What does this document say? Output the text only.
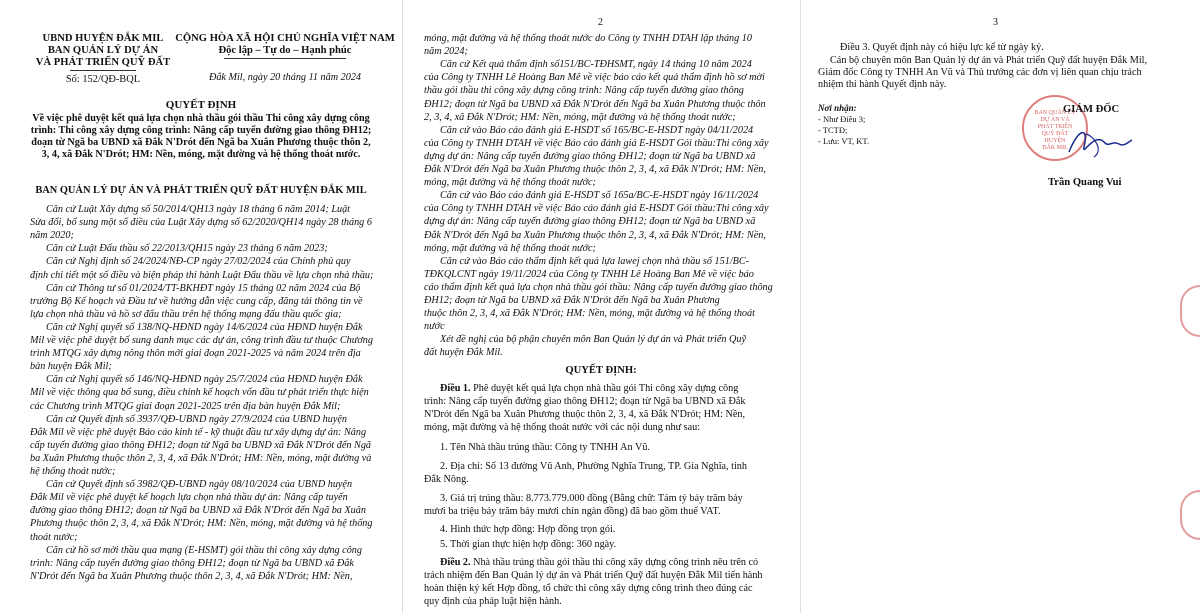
UBND HUYỆN ĐẮK MIL
BAN QUẢN LÝ DỰ ÁN
VÀ PHÁT TRIỂN QUỸ ĐẤT
Số: 152/QĐ-BQL
CỘNG HÒA XÃ HỘI CHỦ NGHĨA VIỆT NAM
Độc lập – Tự do – Hạnh phúc
Đắk Mil, ngày 20 tháng 11 năm 2024
QUYẾT ĐỊNH
Về việc phê duyệt kết quả lựa chọn nhà thầu gói thầu Thi công xây dựng công
trình: Thi công xây dựng công trình: Nâng cấp tuyến đường giao thông ĐH12;
đoạn từ Ngã ba UBND xã Đắk N'Drót đến Ngã ba Xuân Phương thuộc thôn 2,
3, 4, xã Đắk N'Drót; HM: Nền, móng, mặt đường và hệ thống thoát nước.
BAN QUẢN LÝ DỰ ÁN VÀ PHÁT TRIỂN QUỸ ĐẤT HUYỆN ĐẮK MIL
Căn cứ Luật Xây dựng số 50/2014/QH13 ngày 18 tháng 6 năm 2014; Luật
Sửa đổi, bổ sung một số điều của Luật Xây dựng số 62/2020/QH14 ngày 28 tháng 6
năm 2020;
Căn cứ Luật Đấu thầu số 22/2013/QH15 ngày 23 tháng 6 năm 2023;
Căn cứ Nghị định số 24/2024/NĐ-CP ngày 27/02/2024 của Chính phủ quy
định chi tiết một số điều và biện pháp thi hành Luật Đấu thầu về lựa chọn nhà thầu;
Căn cứ Thông tư số 01/2024/TT-BKHĐT ngày 15 tháng 02 năm 2024 của Bộ
trưởng Bộ Kế hoạch và Đầu tư về hướng dẫn việc cung cấp, đăng tải thông tin về
lựa chọn nhà thầu và hồ sơ đấu thầu trên hệ thống mạng đấu thầu quốc gia;
Căn cứ Nghị quyết số 138/NQ-HĐND ngày 14/6/2024 của HĐND huyện Đắk
Mil về việc phê duyệt bổ sung danh mục các dự án, công trình đầu tư thuộc Chương
trình MTQG xây dựng nông thôn mới giai đoạn 2021-2025 và năm 2024 trên địa
bàn huyện Đắk Mil;
Căn cứ Nghị quyết số 146/NQ-HĐND ngày 25/7/2024 của HĐND huyện Đắk
Mil về việc thông qua bổ sung, điều chỉnh kế hoạch vốn đầu tư phát triển thực hiện
các Chương trình MTQG giai đoạn 2021-2025 trên địa bàn huyện Đắk Mil;
Căn cứ Quyết định số 3937/QĐ-UBND ngày 27/9/2024 của UBND huyện
Đắk Mil về việc phê duyệt Báo cáo kinh tế - kỹ thuật đầu tư xây dựng dự án: Nâng
cấp tuyến đường giao thông ĐH12; đoạn từ Ngã ba UBND xã Đắk N'Drót đến Ngã
ba Xuân Phương thuộc thôn 2, 3, 4, xã Đắk N'Drót; HM: Nền, móng, mặt đường và
hệ thống thoát nước;
Căn cứ Quyết định số 3982/QĐ-UBND ngày 08/10/2024 của UBND huyện
Đắk Mil về việc phê duyệt kế hoạch lựa chọn nhà thầu dự án: Nâng cấp tuyến
đường giao thông ĐH12; đoạn từ Ngã ba UBND xã Đắk N'Drót đến Ngã ba Xuân
Phương thuộc thôn 2, 3, 4, xã Đắk N'Drót; HM: Nền, móng, mặt đường và hệ thống
thoát nước;
Căn cứ hồ sơ mời thầu qua mạng (E-HSMT) gói thầu thi công xây dựng công
trình: Nâng cấp tuyến đường giao thông ĐH12; đoạn từ Ngã ba UBND xã Đắk
N'Drót đến Ngã ba Xuân Phương thuộc thôn 2, 3, 4, xã Đắk N'Drót; HM: Nền,
2
móng, mặt đường và hệ thống thoát nước do Công ty TNHH DTAH lập tháng 10
năm 2024;
Căn cứ Kết quả thẩm định số151/BC-TĐHSMT, ngày 14 tháng 10 năm 2024
của Công ty TNHH Lê Hoàng Ban Mê về việc báo cáo kết quả thẩm định hồ sơ mời
thầu gói thầu thi công xây dựng công trình: Nâng cấp tuyến đường giao thông
ĐH12; đoạn từ Ngã ba UBND xã Đắk N'Drót đến Ngã ba Xuân Phương thuộc thôn
2, 3, 4, xã Đắk N'Drót; HM: Nền, móng, mặt đường và hệ thống thoát nước;
Căn cứ vào Báo cáo đánh giá E-HSDT số 165/BC-E-HSDT ngày 04/11/2024
của Công ty TNHH DTAH về việc Báo cáo đánh giá E-HSDT Gói thầu:Thi công xây
dựng dự án: Nâng cấp tuyến đường giao thông ĐH12; đoạn từ Ngã ba UBND xã
Đắk N'Drót đến Ngã ba Xuân Phương thuộc thôn 2, 3, 4, xã Đắk N'Drót; HM: Nền,
móng, mặt đường và hệ thống thoát nước;
Căn cứ vào Báo cáo đánh giá E-HSDT số 165a/BC-E-HSDT ngày 16/11/2024
của Công ty TNHH DTAH về việc Báo cáo đánh giá E-HSDT Gói thầu:Thi công xây
dựng dự án: Nâng cấp tuyến đường giao thông ĐH12; đoạn từ Ngã ba UBND xã
Đắk N'Drót đến Ngã ba Xuân Phương thuộc thôn 2, 3, 4, xã Đắk N'Drót; HM: Nền,
móng, mặt đường và hệ thống thoát nước;
Căn cứ vào Báo cáo thẩm định kết quả lựa lawej chọn nhà thầu số 151/BC-
TĐKQLCNT ngày 19/11/2024 của Công ty TNHH Lê Hoàng Ban Mê về việc báo
cáo thẩm định kết quả lựa chọn nhà thầu gói thầu: Nâng cấp tuyến đường giao thông
ĐH12; đoạn từ Ngã ba UBND xã Đắk N'Drót đến Ngã ba Xuân Phương
thuộc thôn 2, 3, 4, xã Đắk N'Drót; HM: Nền, móng, mặt đường và hệ thống thoát
nước
Xét đề nghị của bộ phận chuyên môn Ban Quản lý dự án và Phát triển Quỹ
đất huyện Đắk Mil.
QUYẾT ĐỊNH:
Điều 1. Phê duyệt kết quả lựa chọn nhà thầu gói Thi công xây dựng công
trình: Nâng cấp tuyến đường giao thông ĐH12; đoạn từ Ngã ba UBND xã Đắk
N'Drót đến Ngã ba Xuân Phương thuộc thôn 2, 3, 4, xã Đắk N'Drót; HM: Nền,
móng, mặt đường và hệ thống thoát nước với các nội dung như sau:
1. Tên Nhà thầu trúng thầu: Công ty TNHH An Vũ.
2. Địa chỉ: Số 13 đường Vũ Anh, Phường Nghĩa Trung, TP. Gia Nghĩa, tỉnh
Đắk Nông.
3. Giá trị trúng thầu: 8.773.779.000 đồng (Bằng chữ: Tám tỷ bảy trăm bảy
mươi ba triệu bảy trăm bảy mươi chín ngàn đồng) đã bao gồm thuế VAT.
4. Hình thức hợp đồng: Hợp đồng trọn gói.
5. Thời gian thực hiện hợp đồng: 360 ngày.
Điều 2. Nhà thầu trúng thầu gói thầu thi công xây dựng công trình nêu trên có
trách nhiệm đến Ban Quản lý dự án và Phát triển Quỹ đất huyện Đắk Mil tiến hành
hoàn thiện ký kết Hợp đồng, tổ chức thi công xây dựng công trình theo đúng các
quy định của pháp luật hiện hành.
3
Điều 3. Quyết định này có hiệu lực kể từ ngày ký.
Cán bộ chuyên môn Ban Quản lý dự án và Phát triển Quỹ đất huyện Đắk Mil,
Giám đốc Công ty TNHH An Vũ và Thủ trưởng các đơn vị liên quan chịu trách
nhiệm thi hành Quyết định này.
Nơi nhận:
- Như Điều 3;
- TCTĐ;
- Lưu: VT, KT.
BAN QUẢN LÝ
DỰ ÁN VÀ
PHÁT TRIỂN
QUỸ ĐẤT
HUYỆN
ĐẮK MIL
GIÁM ĐỐC
Trần Quang Vui
